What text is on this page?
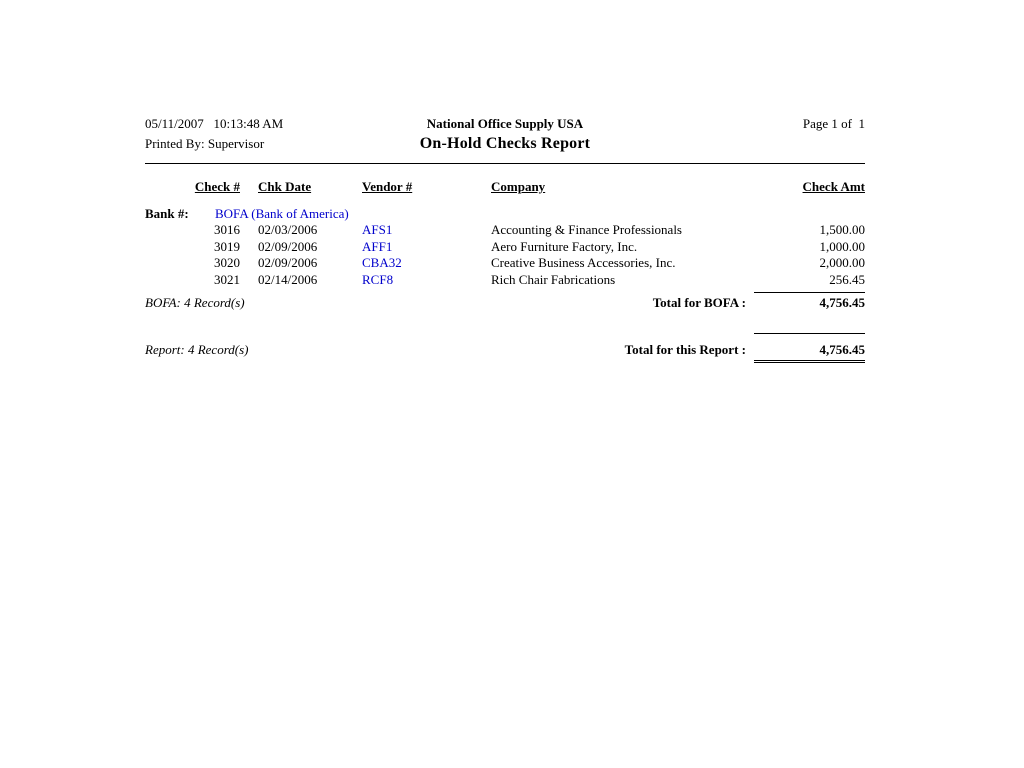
05/11/2007   10:13:48 AM
Printed By: Supervisor
National Office Supply USA
On-Hold Checks Report
Page 1 of  1
Check #	Chk Date	Vendor #	Company	Check Amt
Bank #:	BOFA (Bank of America)
3016	02/03/2006	AFS1	Accounting & Finance Professionals	1,500.00
3019	02/09/2006	AFF1	Aero Furniture Factory, Inc.	1,000.00
3020	02/09/2006	CBA32	Creative Business Accessories, Inc.	2,000.00
3021	02/14/2006	RCF8	Rich Chair Fabrications	256.45
BOFA: 4 Record(s)	Total for BOFA :	4,756.45
Report: 4 Record(s)	Total for this Report :	4,756.45
